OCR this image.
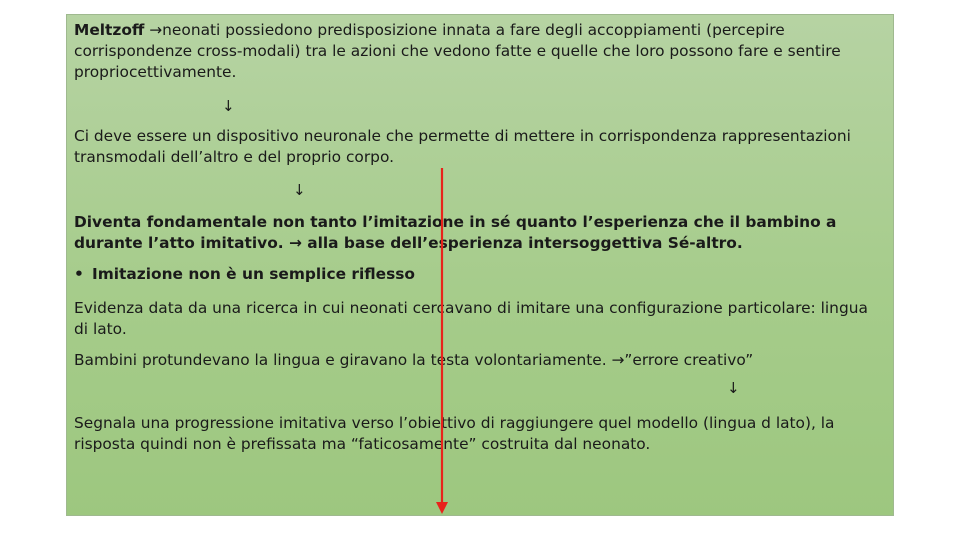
Meltzoff →neonati possiedono predisposizione innata a fare degli accoppiamenti (percepire corrispondenze cross-modali) tra le azioni che vedono fatte e quelle che loro possono fare e sentire propriocettivamente.

↓

Ci deve essere un dispositivo neuronale che permette di mettere in corrispondenza rappresentazioni transmodali dell’altro e del proprio corpo.

↓

Diventa fondamentale non tanto l’imitazione in sé quanto l’esperienza che il bambino a durante l’atto imitativo. → alla base dell’esperienza intersoggettiva Sé-altro.

• Imitazione non è un semplice riflesso

Evidenza data da una ricerca in cui neonati cercavano di imitare una configurazione particolare: lingua di lato.

Bambini protundevano la lingua e giravano la testa volontariamente. →”errore creativo”

↓

Segnala una progressione imitativa verso l’obiettivo di raggiungere quel modello (lingua d lato), la risposta quindi non è prefissata ma “faticosamente” costruita dal neonato.
